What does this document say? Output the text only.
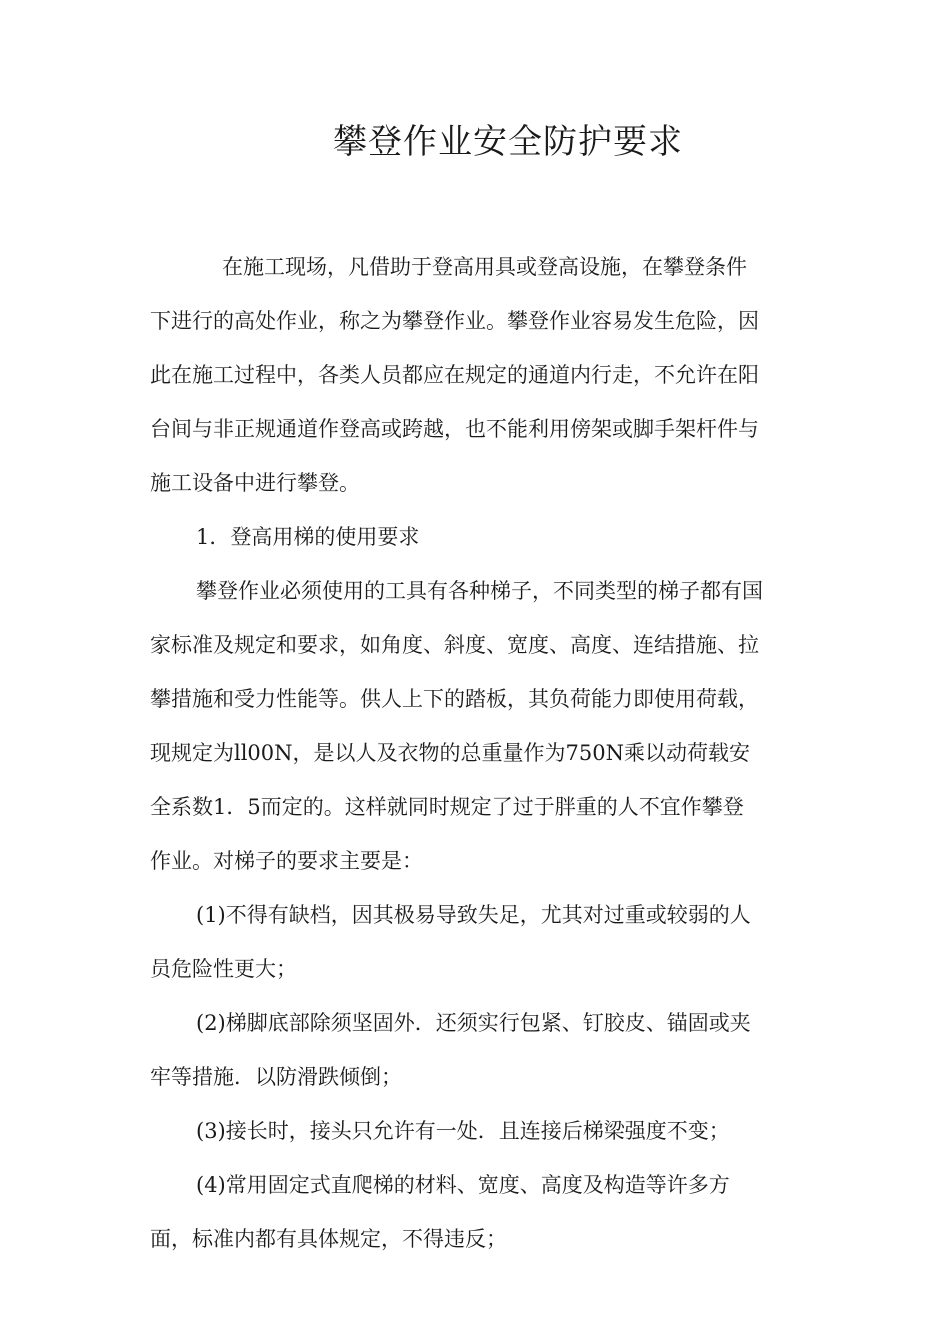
攀登作业安全防护要求
在施工现场，凡借助于登高用具或登高设施，在攀登条件
下进行的高处作业，称之为攀登作业。攀登作业容易发生危险，因
此在施工过程中，各类人员都应在规定的通道内行走，不允许在阳
台间与非正规通道作登高或跨越，也不能利用傍架或脚手架杆件与
施工设备中进行攀登。
1．登高用梯的使用要求
攀登作业必须使用的工具有各种梯子，不同类型的梯子都有国
家标准及规定和要求，如角度、斜度、宽度、高度、连结措施、拉
攀措施和受力性能等。供人上下的踏板，其负荷能力即使用荷载，
现规定为ll00N，是以人及衣物的总重量作为750N乘以动荷载安
全系数1．5而定的。这样就同时规定了过于胖重的人不宜作攀登
作业。对梯子的要求主要是：
(1)不得有缺档，因其极易导致失足，尤其对过重或较弱的人
员危险性更大；
(2)梯脚底部除须坚固外．还须实行包紧、钉胶皮、锚固或夹
牢等措施．以防滑跌倾倒；
(3)接长时，接头只允许有一处．且连接后梯梁强度不变；
(4)常用固定式直爬梯的材料、宽度、高度及构造等许多方
面，标准内都有具体规定，不得违反；
